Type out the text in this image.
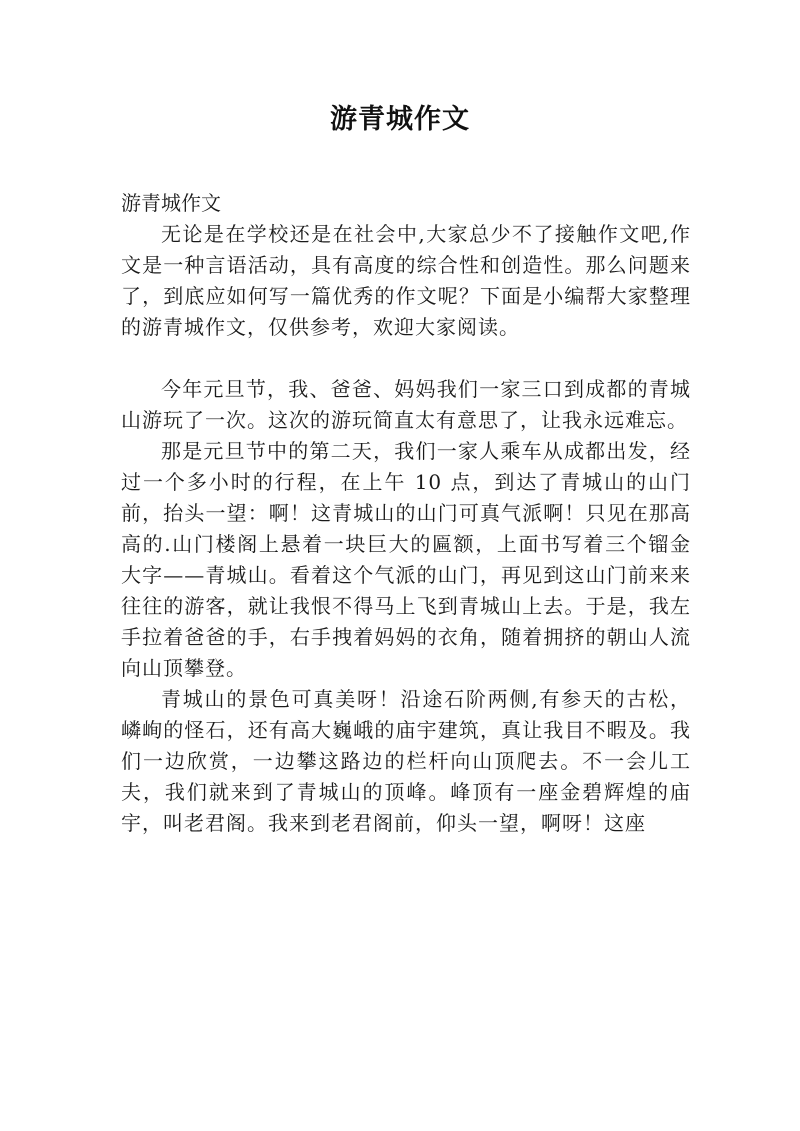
游青城作文

游青城作文

无论是在学校还是在社会中,大家总少不了接触作文吧,作文是一种言语活动，具有高度的综合性和创造性。那么问题来了，到底应如何写一篇优秀的作文呢？下面是小编帮大家整理的游青城作文，仅供参考，欢迎大家阅读。

今年元旦节，我、爸爸、妈妈我们一家三口到成都的青城山游玩了一次。这次的游玩简直太有意思了，让我永远难忘。

那是元旦节中的第二天，我们一家人乘车从成都出发，经过一个多小时的行程，在上午 10 点，到达了青城山的山门前，抬头一望：啊！这青城山的山门可真气派啊！只见在那高高的.山门楼阁上悬着一块巨大的匾额，上面书写着三个镏金大字——青城山。看着这个气派的山门，再见到这山门前来来往往的游客，就让我恨不得马上飞到青城山上去。于是，我左手拉着爸爸的手，右手拽着妈妈的衣角，随着拥挤的朝山人流向山顶攀登。

青城山的景色可真美呀！沿途石阶两侧,有参天的古松，嶙峋的怪石，还有高大巍峨的庙宇建筑，真让我目不暇及。我们一边欣赏，一边攀这路边的栏杆向山顶爬去。不一会儿工夫，我们就来到了青城山的顶峰。峰顶有一座金碧辉煌的庙宇，叫老君阁。我来到老君阁前，仰头一望，啊呀！这座
